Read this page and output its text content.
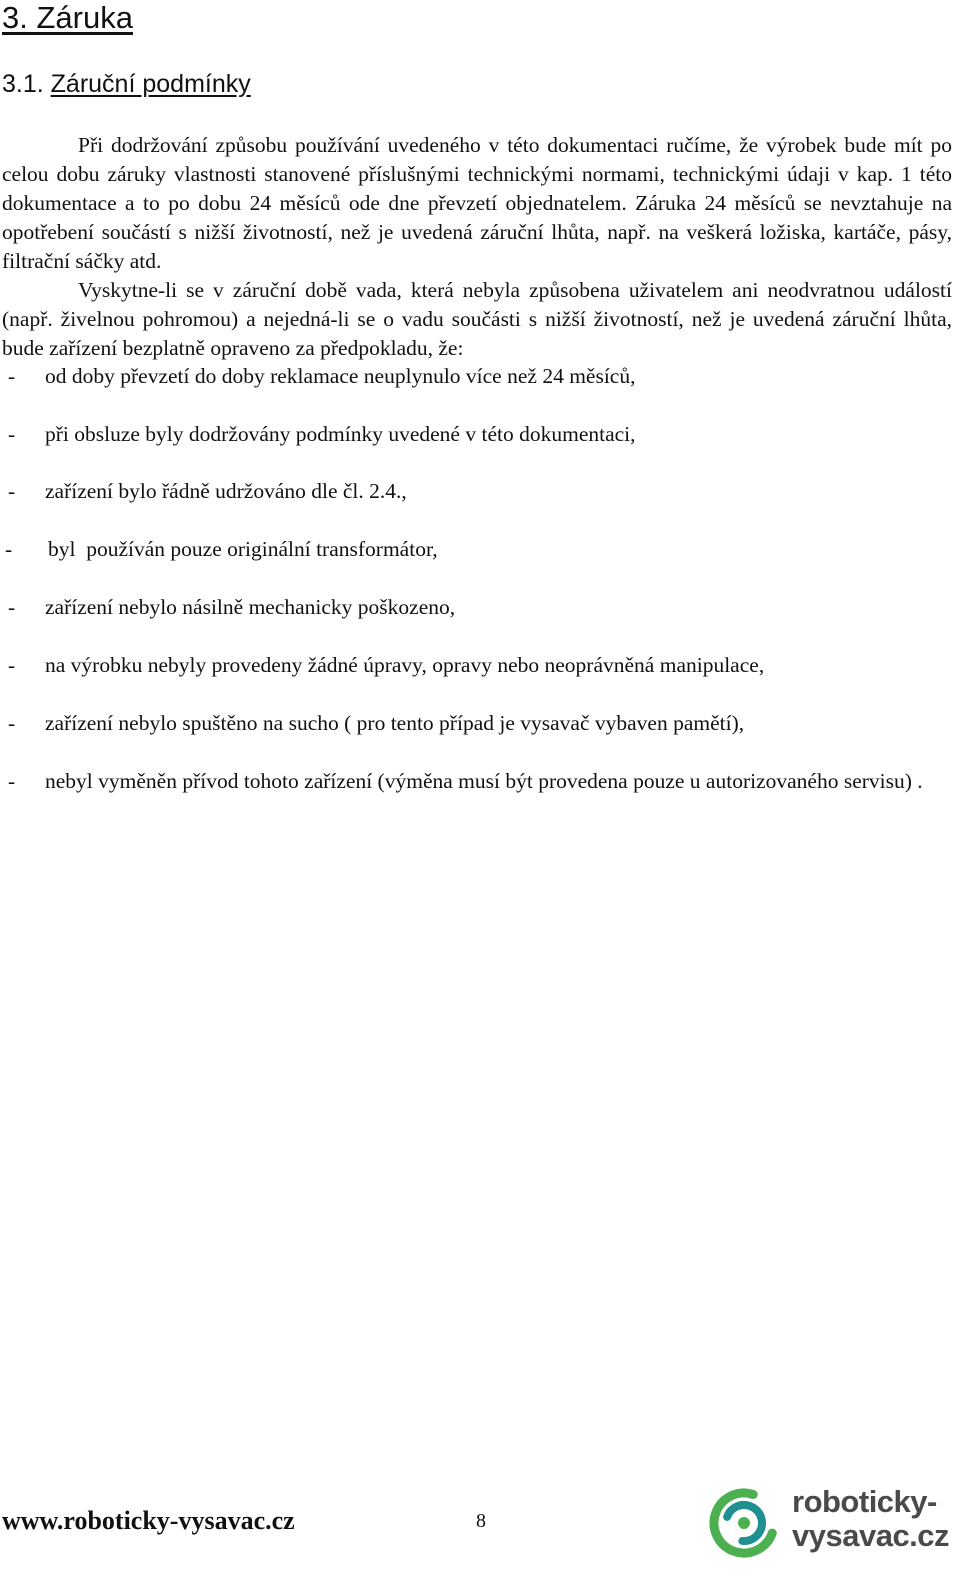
3. Záruka
3.1. Záruční podmínky

Při dodržování způsobu používání uvedeného v této dokumentaci ručíme, že výrobek bude mít po celou dobu záruky vlastnosti stanovené příslušnými technickými normami, technickými údaji v kap. 1 této dokumentace a to po dobu 24 měsíců ode dne převzetí objednatelem. Záruka 24 měsíců se nevztahuje na opotřebení součástí s nižší životností, než je uvedená záruční lhůta, např. na veškerá ložiska, kartáče, pásy, filtrační sáčky atd.

Vyskytne-li se v záruční době vada, která nebyla způsobena uživatelem ani neodvratnou událostí (např. živelnou pohromou) a nejedná-li se o vadu součásti s nižší životností, než je uvedená záruční lhůta, bude zařízení bezplatně opraveno za předpokladu, že:

- od doby převzetí do doby reklamace neuplynulo více než 24 měsíců,
- při obsluze byly dodržovány podmínky uvedené v této dokumentaci,
- zařízení bylo řádně udržováno dle čl. 2.4.,
- byl  používán pouze originální transformátor,
- zařízení nebylo násilně mechanicky poškozeno,
- na výrobku nebyly provedeny žádné úpravy, opravy nebo neoprávněná manipulace,
- zařízení nebylo spuštěno na sucho ( pro tento případ je vysavač vybaven pamětí),
- nebyl vyměněn přívod tohoto zařízení (výměna musí být provedena pouze u autorizovaného servisu) .
www.roboticky-vysavac.cz	8
roboticky-
vysavac.cz
